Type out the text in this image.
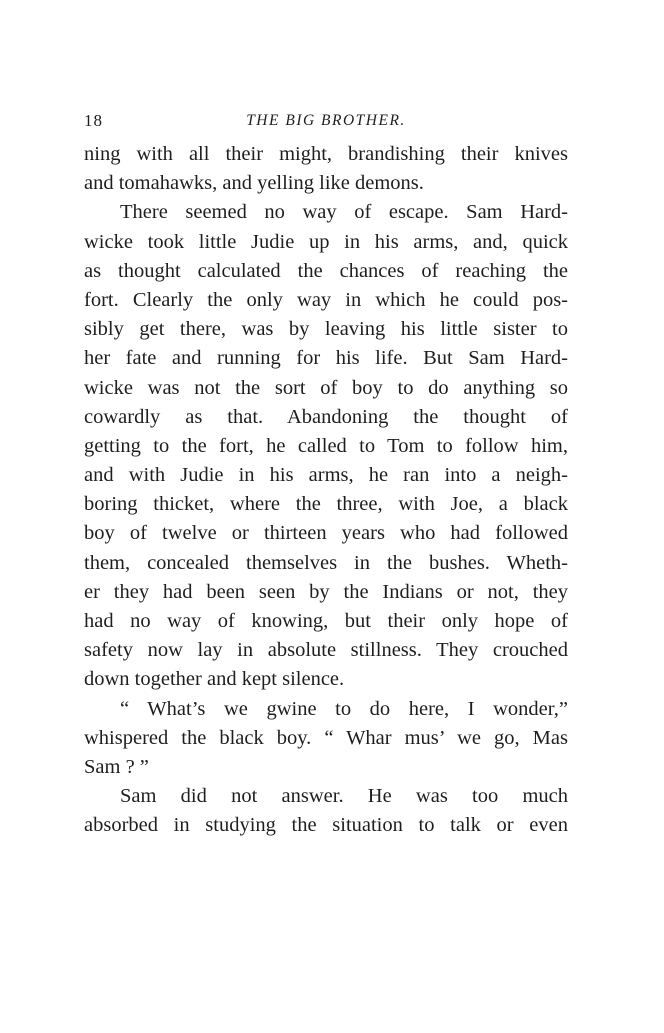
18	THE BIG BROTHER.
ning with all their might, brandishing their knives
and tomahawks, and yelling like demons.
There seemed no way of escape. Sam Hard-
wicke took little Judie up in his arms, and, quick
as thought calculated the chances of reaching the
fort. Clearly the only way in which he could pos-
sibly get there, was by leaving his little sister to
her fate and running for his life. But Sam Hard-
wicke was not the sort of boy to do anything so
cowardly as that. Abandoning the thought of
getting to the fort, he called to Tom to follow him,
and with Judie in his arms, he ran into a neigh-
boring thicket, where the three, with Joe, a black
boy of twelve or thirteen years who had followed
them, concealed themselves in the bushes. Wheth-
er they had been seen by the Indians or not, they
had no way of knowing, but their only hope of
safety now lay in absolute stillness. They crouched
down together and kept silence.
“ What’s we gwine to do here, I wonder,”
whispered the black boy. “ Whar mus’ we go, Mas
Sam ? ”
Sam did not answer. He was too much
absorbed in studying the situation to talk or even
